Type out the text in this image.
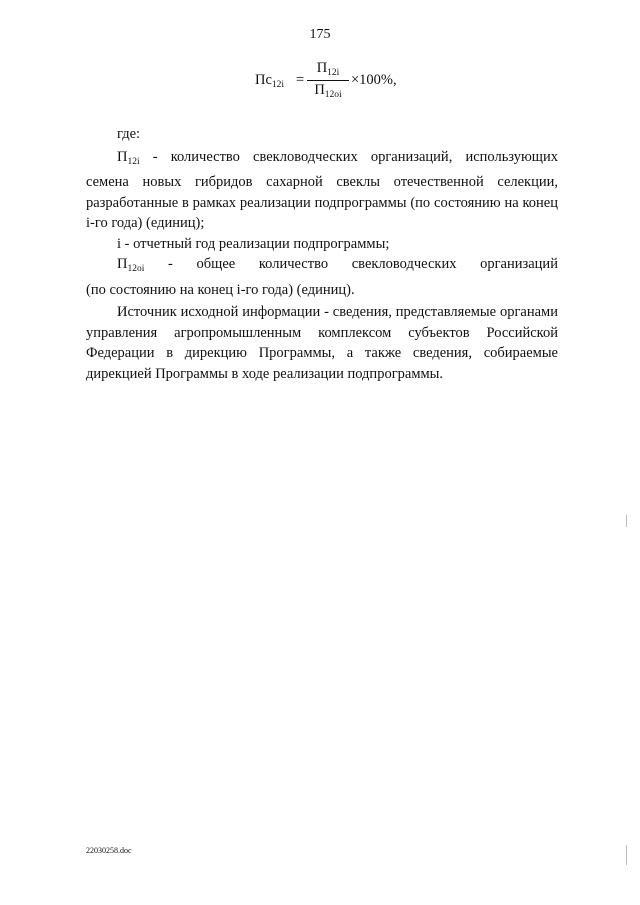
175
$Пс_{12i}$ =
$П_{12i}$
$П_{12oi}$
×100%,

где:

$П_{12i}$ - количество свекловодческих организаций, использующих
семена новых гибридов сахарной свеклы отечественной селекции, разработанные в рамках реализации подпрограммы (по состоянию на конец i-го года) (единиц);

i - отчетный год реализации подпрограммы;

$П_{12oi}$ - общее количество свекловодческих организаций
(по состоянию на конец i-го года) (единиц).

Источник исходной информации - сведения, представляемые органами управления агропромышленным комплексом субъектов Российской Федерации в дирекцию Программы, а также сведения, собираемые дирекцией Программы в ходе реализации подпрограммы.

22030258.doc
